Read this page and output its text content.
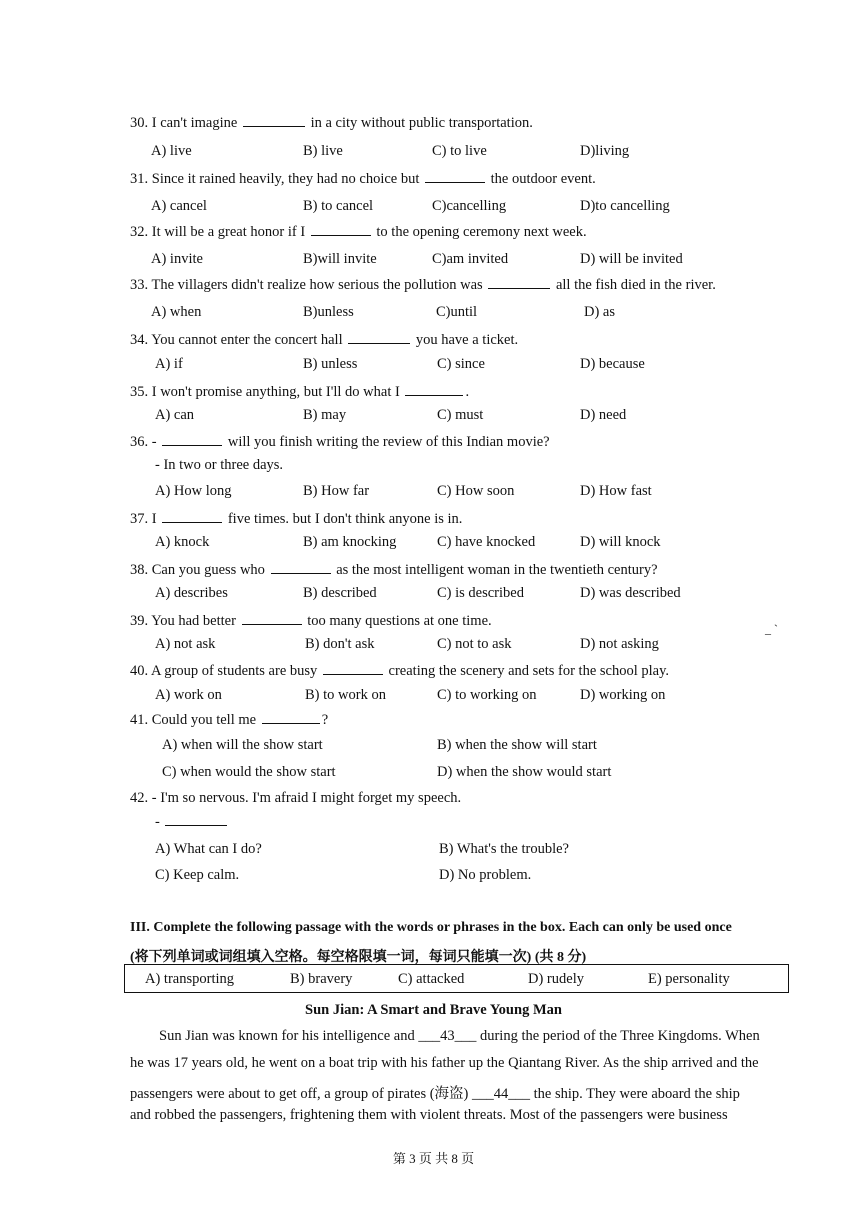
30. I can't imagine	in a city without public transportation.
A) live	B) live	C) to live	D)living
31. Since it rained heavily, they had no choice but	the outdoor event.
A) cancel	B) to cancel	C)cancelling	D)to cancelling
32. It will be a great honor if I	to the opening ceremony next week.
A) invite	B)will invite	C)am invited	D) will be invited
33. The villagers didn't realize how serious the pollution was	all the fish died in the river.
A) when	B)unless	C)until	D) as
34. You cannot enter the concert hall	you have a ticket.
A) if	B) unless	C) since	D) because
35. I won't promise anything, but I'll do what I	.
A) can	B) may	C) must	D) need
36. -	will you finish writing the review of this Indian movie?
- In two or three days.
A) How long	B) How far	C) How soon	D) How fast
37. I	five times. but I don't think anyone is in.
A) knock	B) am knocking	C) have knocked	D) will knock
38. Can you guess who	as the most intelligent woman in the twentieth century?
A) describes	B) described	C) is described	D) was described
39. You had better	too many questions at one time.
A) not ask	B) don't ask	C) not to ask	D) not asking
_ `
40. A group of students are busy	creating the scenery and sets for the school play.
A) work on	B) to work on	C) to working on	D) working on
41. Could you tell me	?
A) when will the show start	B) when the show will start
C) when would the show start	D) when the show would start
42. - I'm so nervous. I'm afraid I might forget my speech.
-
A) What can I do?	B) What's the trouble?
C) Keep calm.	D) No problem.
III. Complete the following passage with the words or phrases in the box. Each can only be used once
(将下列单词或词组填入空格。每空格限填一词，每词只能填一次) (共 8 分)
A) transporting	B) bravery	C) attacked	D) rudely	E) personality
Sun Jian: A Smart and Brave Young Man
Sun Jian was known for his intelligence and ___43___ during the period of the Three Kingdoms. When
he was 17 years old, he went on a boat trip with his father up the Qiantang River. As the ship arrived and the
passengers were about to get off, a group of pirates (海盗) ___44___ the ship. They were aboard the ship
and robbed the passengers, frightening them with violent threats. Most of the passengers were business
第 3 页 共 8 页
